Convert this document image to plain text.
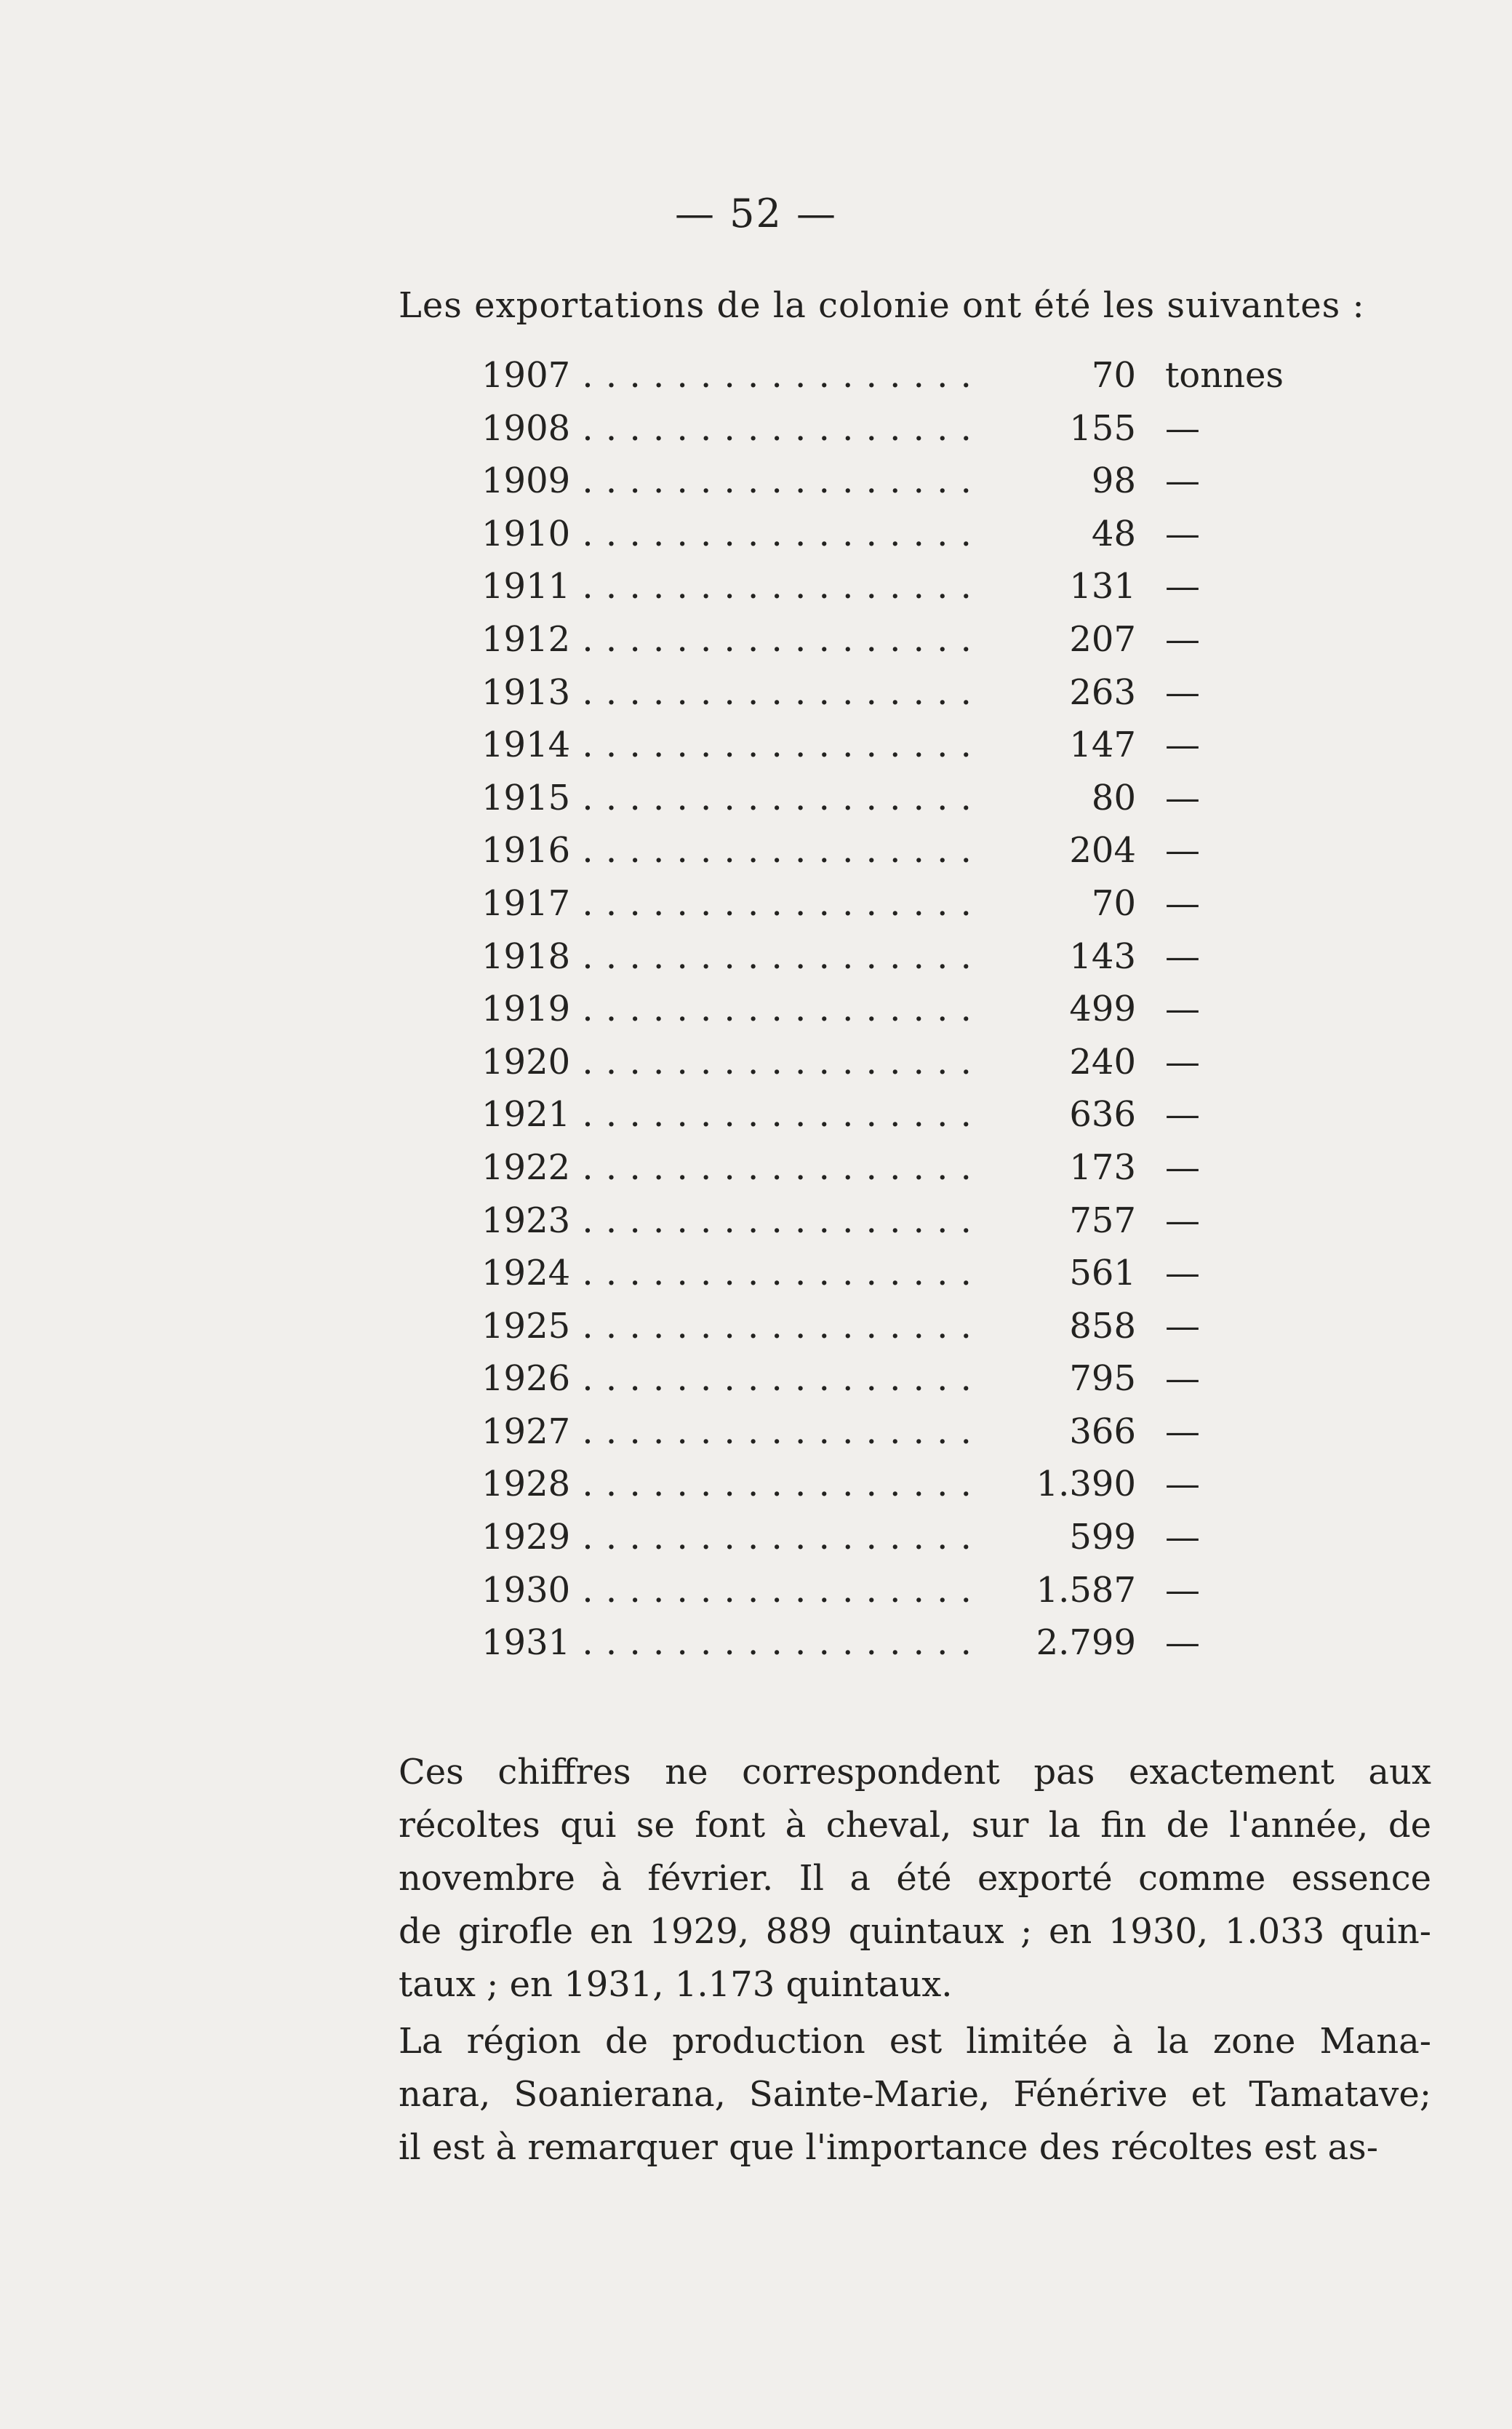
— 52 —
Les exportations de la colonie ont été les suivantes :
1907 . . .	70 tonnes
1908 . . .	155 —
1909 . . .	98 —
1910 . . .	48 —
1911 . . .	131 —
1912 . . .	207 —
1913 . . .	263 —
1914 . . .	147 —
1915 . . .	80 —
1916 . . .	204 —
1917 . . .	70 —
1918 . . .	143 —
1919 . . .	499 —
1920 . . .	240 —
1921 . . .	636 —
1922 . . .	173 —
1923 . . .	757 —
1924 . . .	561 —
1925 . . .	858 —
1926 . . .	795 —
1927 . . .	366 —
1928 . . .	1.390 —
1929 . . .	599 —
1930 . . .	1.587 —
1931 . . .	2.799 —
Ces chiffres ne correspondent pas exactement aux
récoltes qui se font à cheval, sur la fin de l'année, de
novembre à février. Il a été exporté comme essence
de girofle en 1929, 889 quintaux ; en 1930, 1.033 quin-
taux ; en 1931, 1.173 quintaux.
La région de production est limitée à la zone Mana-
nara, Soanierana, Sainte-Marie, Fénérive et Tamatave;
il est à remarquer que l'importance des récoltes est as-
